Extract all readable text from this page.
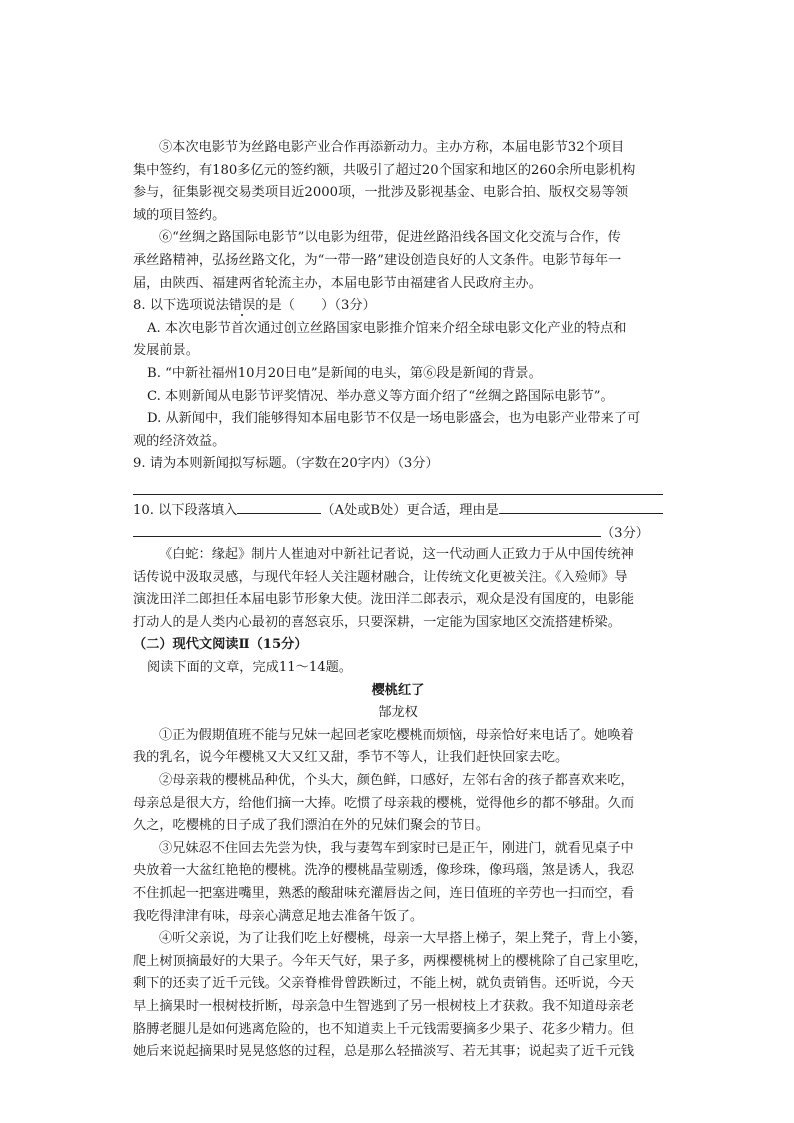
⑤本次电影节为丝路电影产业合作再添新动力。主办方称，本届电影节32个项目
集中签约，有180多亿元的签约额，共吸引了超过20个国家和地区的260余所电影机构
参与，征集影视交易类项目近2000项，一批涉及影视基金、电影合拍、版权交易等领
域的项目签约。
⑥“丝绸之路国际电影节”以电影为纽带，促进丝路沿线各国文化交流与合作，传
承丝路精神，弘扬丝路文化，为“一带一路”建设创造良好的人文条件。电影节每年一
届，由陕西、福建两省轮流主办，本届电影节由福建省人民政府主办。
8. 以下选项说法错误的是（　　）（3分）
A. 本次电影节首次通过创立丝路国家电影推介馆来介绍全球电影文化产业的特点和
发展前景。
B. “中新社福州10月20日电”是新闻的电头，第⑥段是新闻的背景。
C. 本则新闻从电影节评奖情况、举办意义等方面介绍了“丝绸之路国际电影节”。
D. 从新闻中，我们能够得知本届电影节不仅是一场电影盛会，也为电影产业带来了可
观的经济效益。
9. 请为本则新闻拟写标题。（字数在20字内）（3分）
10. 以下段落填入	（A处或B处）更合适，理由是
（3分）
《白蛇：缘起》制片人崔迪对中新社记者说，这一代动画人正致力于从中国传统神
话传说中汲取灵感，与现代年轻人关注题材融合，让传统文化更被关注。《入殓师》导
演泷田洋二郎担任本届电影节形象大使。泷田洋二郎表示，观众是没有国度的，电影能
打动人的是人类内心最初的喜怒哀乐，只要深耕，一定能为国家地区交流搭建桥梁。
（二）现代文阅读Ⅱ（15分）
阅读下面的文章，完成11～14题。
樱桃红了
郜龙权
①正为假期值班不能与兄妹一起回老家吃樱桃而烦恼，母亲恰好来电话了。她唤着
我的乳名，说今年樱桃又大又红又甜，季节不等人，让我们赶快回家去吃。
②母亲栽的樱桃品种优，个头大，颜色鲜，口感好，左邻右舍的孩子都喜欢来吃，
母亲总是很大方，给他们摘一大捧。吃惯了母亲栽的樱桃，觉得他乡的都不够甜。久而
久之，吃樱桃的日子成了我们漂泊在外的兄妹们聚会的节日。
③兄妹忍不住回去先尝为快，我与妻驾车到家时已是正午，刚进门，就看见桌子中
央放着一大盆红艳艳的樱桃。洗净的樱桃晶莹剔透，像珍珠，像玛瑙，煞是诱人，我忍
不住抓起一把塞进嘴里，熟悉的酸甜味充灌唇齿之间，连日值班的辛劳也一扫而空，看
我吃得津津有味，母亲心满意足地去准备午饭了。
④听父亲说，为了让我们吃上好樱桃，母亲一大早搭上梯子，架上凳子，背上小篓，
爬上树顶摘最好的大果子。今年天气好，果子多，两棵樱桃树上的樱桃除了自己家里吃，
剩下的还卖了近千元钱。父亲脊椎骨曾跌断过，不能上树，就负责销售。还听说，今天
早上摘果时一根树枝折断，母亲急中生智逃到了另一根树枝上才获救。我不知道母亲老
胳膊老腿儿是如何逃离危险的，也不知道卖上千元钱需要摘多少果子、花多少精力。但
她后来说起摘果时晃晃悠悠的过程，总是那么轻描淡写、若无其事；说起卖了近千元钱
